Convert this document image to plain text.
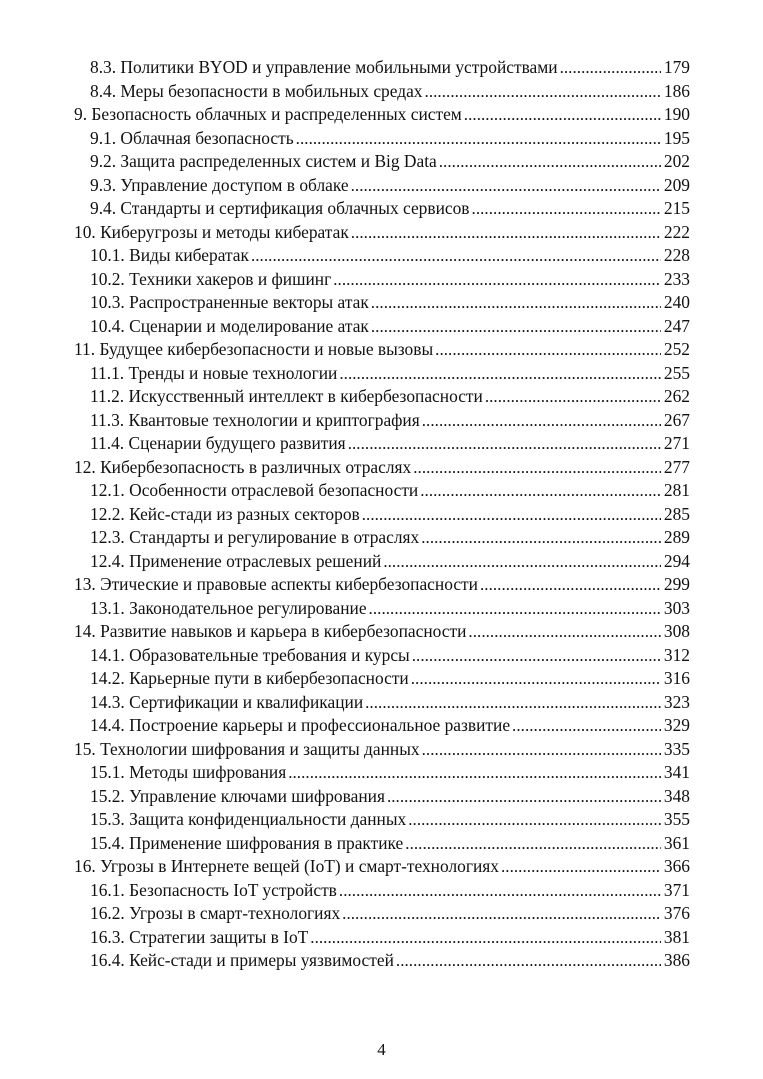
8.3. Политики BYOD и управление мобильными устройствами . . .	179
8.4. Меры безопасности в мобильных средах . . .	186
9. Безопасность облачных и распределенных систем . . .	190
9.1. Облачная безопасность . . .	195
9.2. Защита распределенных систем и Big Data . . .	202
9.3. Управление доступом в облаке . . .	209
9.4. Стандарты и сертификация облачных сервисов . . .	215
10. Киберугрозы и методы кибератак . . .	222
10.1. Виды кибератак . . .	228
10.2. Техники хакеров и фишинг . . .	233
10.3. Распространенные векторы атак . . .	240
10.4. Сценарии и моделирование атак . . .	247
11. Будущее кибербезопасности и новые вызовы . . .	252
11.1. Тренды и новые технологии . . .	255
11.2. Искусственный интеллект в кибербезопасности . . .	262
11.3. Квантовые технологии и криптография . . .	267
11.4. Сценарии будущего развития . . .	271
12. Кибербезопасность в различных отраслях . . .	277
12.1. Особенности отраслевой безопасности . . .	281
12.2. Кейс-стади из разных секторов . . .	285
12.3. Стандарты и регулирование в отраслях . . .	289
12.4. Применение отраслевых решений . . .	294
13. Этические и правовые аспекты кибербезопасности . . .	299
13.1. Законодательное регулирование . . .	303
14. Развитие навыков и карьера в кибербезопасности . . .	308
14.1. Образовательные требования и курсы . . .	312
14.2. Карьерные пути в кибербезопасности . . .	316
14.3. Сертификации и квалификации . . .	323
14.4. Построение карьеры и профессиональное развитие . . .	329
15. Технологии шифрования и защиты данных . . .	335
15.1. Методы шифрования . . .	341
15.2. Управление ключами шифрования . . .	348
15.3. Защита конфиденциальности данных . . .	355
15.4. Применение шифрования в практике . . .	361
16. Угрозы в Интернете вещей (IoT) и смарт-технологиях . . .	366
16.1. Безопасность IoT устройств . . .	371
16.2. Угрозы в смарт-технологиях . . .	376
16.3. Стратегии защиты в IoT . . .	381
16.4. Кейс-стади и примеры уязвимостей . . .	386
4
